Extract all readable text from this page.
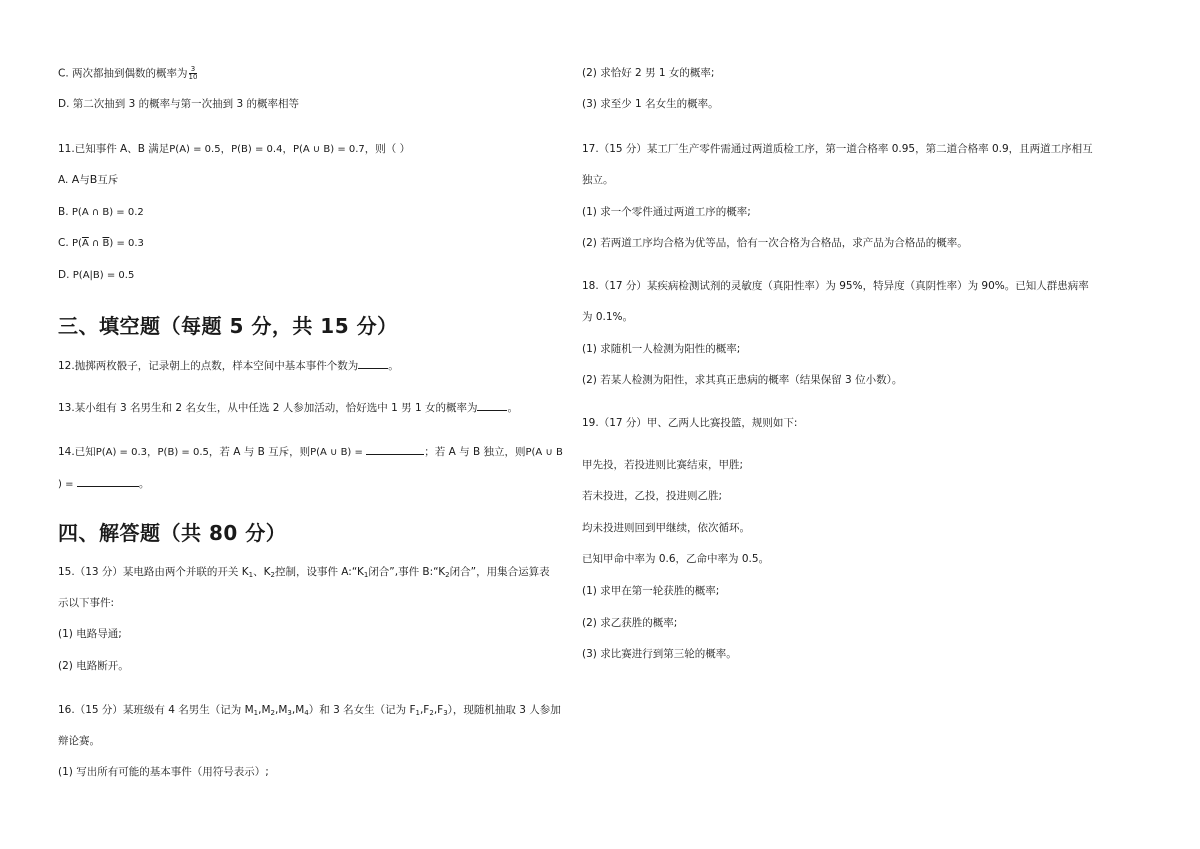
C. 两次都抽到偶数的概率为 $\frac{3}{10}$
D. 第二次抽到 3 的概率与第一次抽到 3 的概率相等
11.已知事件 A、B 满足P(A) = 0.5，P(B) = 0.4，P(A ∪ B) = 0.7，则（ ）
A. A与B互斥
B. P(A ∩ B) = 0.2
C. $P(\overline{A}$ ∩ $\overline{B}) = 0.3$
D. P(A|B) = 0.5
三、填空题（每题 5 分，共 15 分）
12.抛掷两枚骰子，记录朝上的点数，样本空间中基本事件个数为	。
13.某小组有 3 名男生和 2 名女生，从中任选 2 人参加活动，恰好选中 1 男 1 女的概率为	。
14.已知P(A) = 0.3，P(B) = 0.5，若 A 与 B 互斥，则P(A ∪ B) =	；若 A 与 B 独立，则P(A ∪ B
) =	。
四、解答题（共 80 分）
15.（13 分）某电路由两个并联的开关 $K_1$、$K_2$控制，设事件 $A:“K_1$闭合”,事件 $B:“K_2$闭合”，用集合运算表
示以下事件:
(1) 电路导通;
(2) 电路断开。
16.（15 分）某班级有 4 名男生（记为 $M_1,M_2,M_3,M_4$）和 3 名女生（记为 $F_1,F_2,F_3$），现随机抽取 3 人参加
辩论赛。
(1) 写出所有可能的基本事件（用符号表示）;
(2) 求恰好 2 男 1 女的概率;
(3) 求至少 1 名女生的概率。
17.（15 分）某工厂生产零件需通过两道质检工序，第一道合格率 0.95，第二道合格率 0.9，且两道工序相互
独立。
(1) 求一个零件通过两道工序的概率;
(2) 若两道工序均合格为优等品，恰有一次合格为合格品，求产品为合格品的概率。
18.（17 分）某疾病检测试剂的灵敏度（真阳性率）为 95%，特异度（真阴性率）为 90%。已知人群患病率
为 0.1%。
(1) 求随机一人检测为阳性的概率;
(2) 若某人检测为阳性，求其真正患病的概率（结果保留 3 位小数）。
19.（17 分）甲、乙两人比赛投篮，规则如下:
甲先投，若投进则比赛结束，甲胜;
若未投进，乙投，投进则乙胜;
均未投进则回到甲继续，依次循环。
已知甲命中率为 0.6，乙命中率为 0.5。
(1) 求甲在第一轮获胜的概率;
(2) 求乙获胜的概率;
(3) 求比赛进行到第三轮的概率。
